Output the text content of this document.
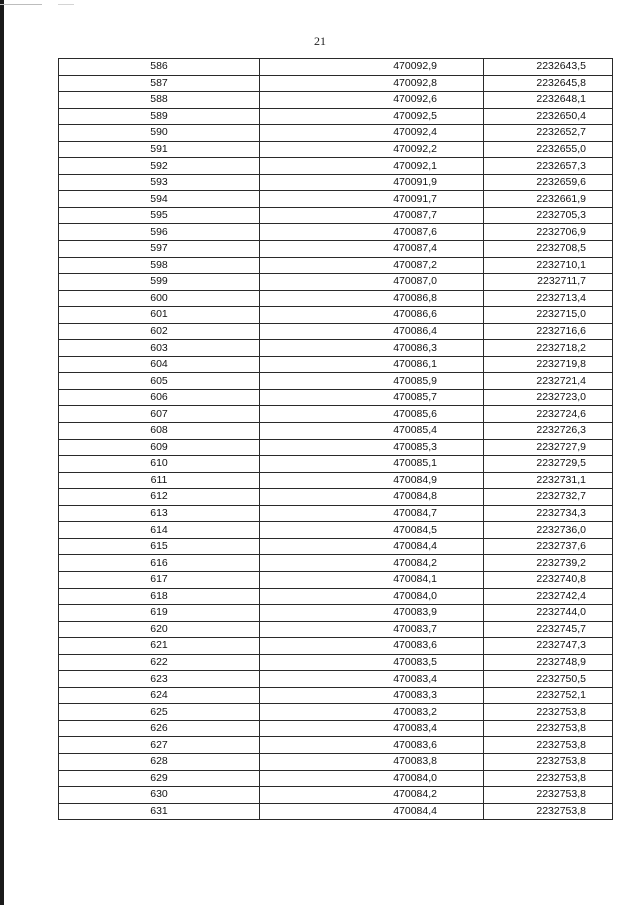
21
586	470092,9	2232643,5
587	470092,8	2232645,8
588	470092,6	2232648,1
589	470092,5	2232650,4
590	470092,4	2232652,7
591	470092,2	2232655,0
592	470092,1	2232657,3
593	470091,9	2232659,6
594	470091,7	2232661,9
595	470087,7	2232705,3
596	470087,6	2232706,9
597	470087,4	2232708,5
598	470087,2	2232710,1
599	470087,0	2232711,7
600	470086,8	2232713,4
601	470086,6	2232715,0
602	470086,4	2232716,6
603	470086,3	2232718,2
604	470086,1	2232719,8
605	470085,9	2232721,4
606	470085,7	2232723,0
607	470085,6	2232724,6
608	470085,4	2232726,3
609	470085,3	2232727,9
610	470085,1	2232729,5
611	470084,9	2232731,1
612	470084,8	2232732,7
613	470084,7	2232734,3
614	470084,5	2232736,0
615	470084,4	2232737,6
616	470084,2	2232739,2
617	470084,1	2232740,8
618	470084,0	2232742,4
619	470083,9	2232744,0
620	470083,7	2232745,7
621	470083,6	2232747,3
622	470083,5	2232748,9
623	470083,4	2232750,5
624	470083,3	2232752,1
625	470083,2	2232753,8
626	470083,4	2232753,8
627	470083,6	2232753,8
628	470083,8	2232753,8
629	470084,0	2232753,8
630	470084,2	2232753,8
631	470084,4	2232753,8
